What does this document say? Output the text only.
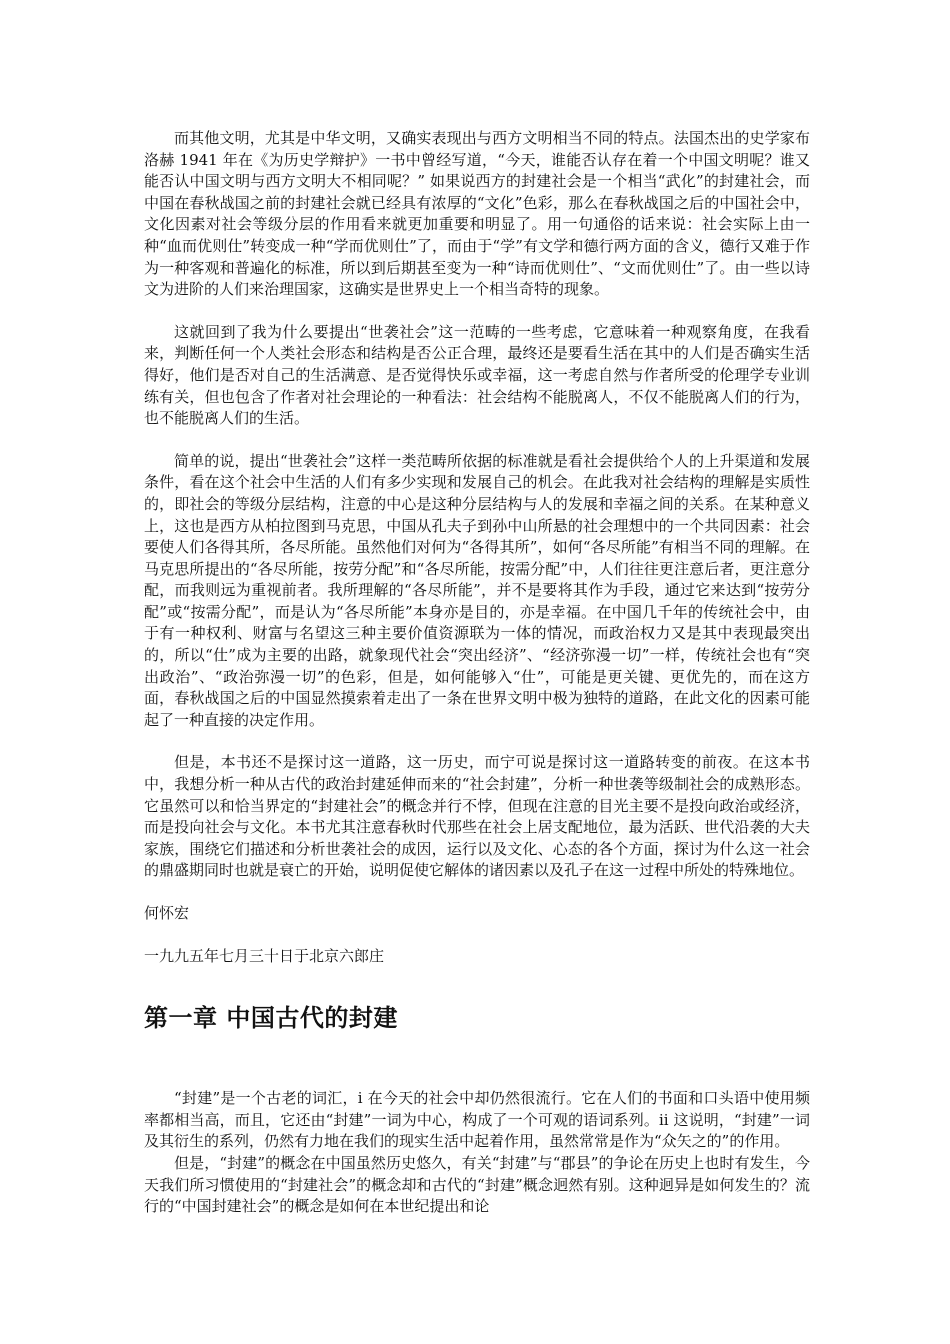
而其他文明，尤其是中华文明，又确实表现出与西方文明相当不同的特点。法国杰出的史学家布洛赫 1941 年在《为历史学辩护》一书中曾经写道，“今天，谁能否认存在着一个中国文明呢？谁又能否认中国文明与西方文明大不相同呢？” 如果说西方的封建社会是一个相当“武化”的封建社会，而中国在春秋战国之前的封建社会就已经具有浓厚的“文化”色彩，那么在春秋战国之后的中国社会中，文化因素对社会等级分层的作用看来就更加重要和明显了。用一句通俗的话来说：社会实际上由一种“血而优则仕”转变成一种“学而优则仕”了，而由于“学”有文学和德行两方面的含义，德行又难于作为一种客观和普遍化的标准，所以到后期甚至变为一种“诗而优则仕”、“文而优则仕”了。由一些以诗文为进阶的人们来治理国家，这确实是世界史上一个相当奇特的现象。

这就回到了我为什么要提出“世袭社会”这一范畴的一些考虑，它意味着一种观察角度，在我看来，判断任何一个人类社会形态和结构是否公正合理，最终还是要看生活在其中的人们是否确实生活得好，他们是否对自己的生活满意、是否觉得快乐或幸福，这一考虑自然与作者所受的伦理学专业训练有关，但也包含了作者对社会理论的一种看法：社会结构不能脱离人，不仅不能脱离人们的行为，也不能脱离人们的生活。

简单的说，提出“世袭社会”这样一类范畴所依据的标准就是看社会提供给个人的上升渠道和发展条件，看在这个社会中生活的人们有多少实现和发展自己的机会。在此我对社会结构的理解是实质性的，即社会的等级分层结构，注意的中心是这种分层结构与人的发展和幸福之间的关系。在某种意义上，这也是西方从柏拉图到马克思，中国从孔夫子到孙中山所悬的社会理想中的一个共同因素：社会要使人们各得其所，各尽所能。虽然他们对何为“各得其所”，如何“各尽所能”有相当不同的理解。在马克思所提出的“各尽所能，按劳分配”和“各尽所能，按需分配”中，人们往往更注意后者，更注意分配，而我则远为重视前者。我所理解的“各尽所能”，并不是要将其作为手段，通过它来达到“按劳分配”或“按需分配”，而是认为“各尽所能”本身亦是目的，亦是幸福。在中国几千年的传统社会中，由于有一种权利、财富与名望这三种主要价值资源联为一体的情况，而政治权力又是其中表现最突出的，所以“仕”成为主要的出路，就象现代社会“突出经济”、“经济弥漫一切”一样，传统社会也有“突出政治”、“政治弥漫一切”的色彩，但是，如何能够入“仕”，可能是更关键、更优先的，而在这方面，春秋战国之后的中国显然摸索着走出了一条在世界文明中极为独特的道路，在此文化的因素可能起了一种直接的决定作用。

但是，本书还不是探讨这一道路，这一历史，而宁可说是探讨这一道路转变的前夜。在这本书中，我想分析一种从古代的政治封建延伸而来的“社会封建”，分析一种世袭等级制社会的成熟形态。它虽然可以和恰当界定的“封建社会”的概念并行不悖，但现在注意的目光主要不是投向政治或经济，而是投向社会与文化。本书尤其注意春秋时代那些在社会上居支配地位，最为活跃、世代沿袭的大夫家族，围绕它们描述和分析世袭社会的成因，运行以及文化、心态的各个方面，探讨为什么这一社会的鼎盛期同时也就是衰亡的开始，说明促使它解体的诸因素以及孔子在这一过程中所处的特殊地位。

何怀宏

一九九五年七月三十日于北京六郎庄

第一章 中国古代的封建

“封建”是一个古老的词汇，i 在今天的社会中却仍然很流行。它在人们的书面和口头语中使用频率都相当高，而且，它还由“封建”一词为中心，构成了一个可观的语词系列。ii 这说明，“封建”一词及其衍生的系列，仍然有力地在我们的现实生活中起着作用，虽然常常是作为“众矢之的”的作用。

但是，“封建”的概念在中国虽然历史悠久，有关“封建”与“郡县”的争论在历史上也时有发生，今天我们所习惯使用的“封建社会”的概念却和古代的“封建”概念迥然有别。这种迥异是如何发生的？流行的“中国封建社会”的概念是如何在本世纪提出和论
